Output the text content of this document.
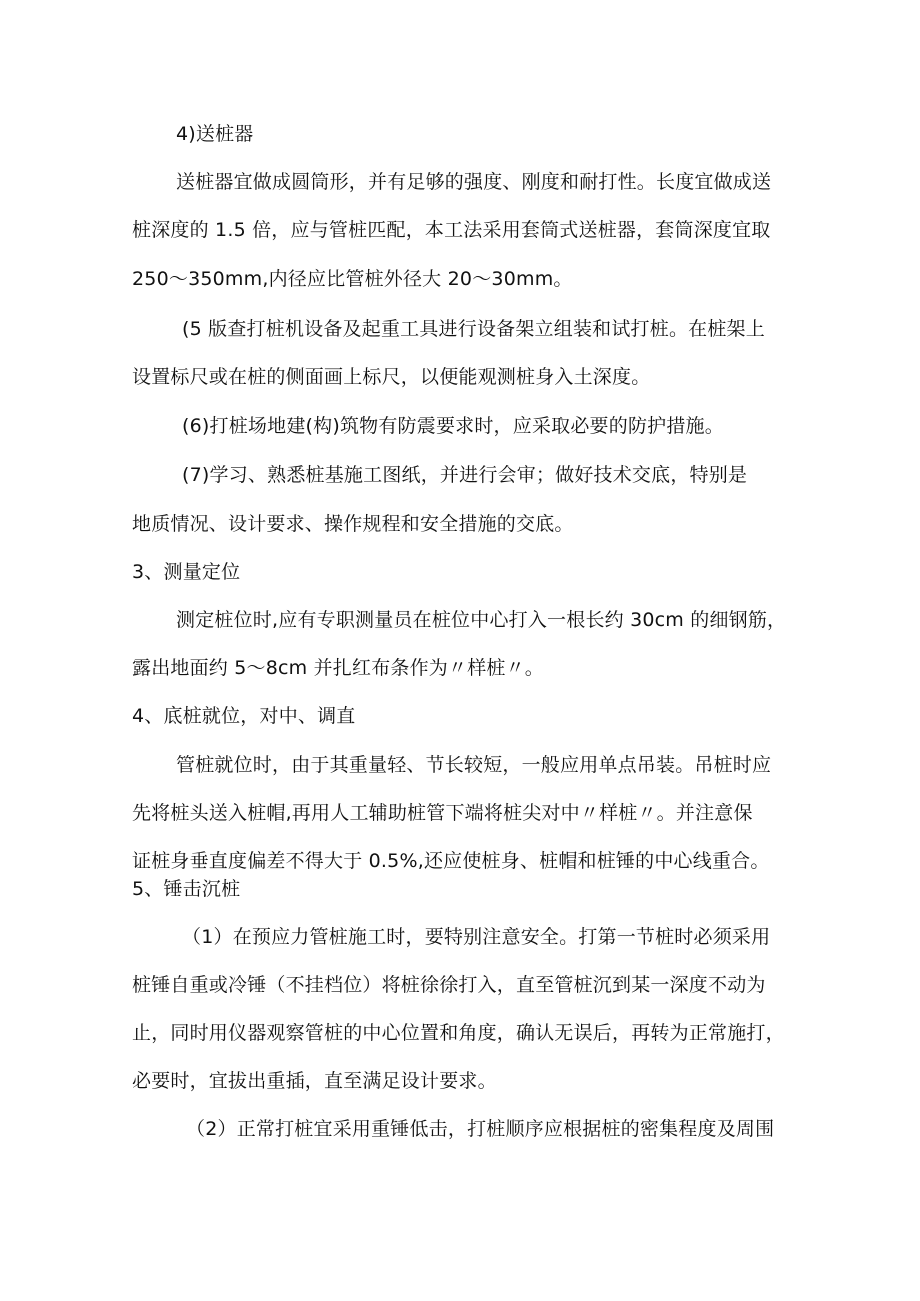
4)送桩器
送桩器宜做成圆筒形，并有足够的强度、刚度和耐打性。长度宜做成送
桩深度的 1.5 倍，应与管桩匹配，本工法采用套筒式送桩器，套筒深度宜取
250～350mm,内径应比管桩外径大 20～30mm。
(5 版查打桩机设备及起重工具进行设备架立组装和试打桩。在桩架上
设置标尺或在桩的侧面画上标尺，以便能观测桩身入土深度。
(6)打桩场地建(构)筑物有防震要求时，应采取必要的防护措施。
(7)学习、熟悉桩基施工图纸，并进行会审；做好技术交底，特别是
地质情况、设计要求、操作规程和安全措施的交底。
3、测量定位
测定桩位时,应有专职测量员在桩位中心打入一根长约 30cm 的细钢筋，
露出地面约 5～8cm 并扎红布条作为〃样桩〃。
4、底桩就位，对中、调直
管桩就位时，由于其重量轻、节长较短，一般应用单点吊装。吊桩时应
先将桩头送入桩帽,再用人工辅助桩管下端将桩尖对中〃样桩〃。并注意保
证桩身垂直度偏差不得大于 0.5%,还应使桩身、桩帽和桩锤的中心线重合。
5、锤击沉桩
（1）在预应力管桩施工时，要特别注意安全。打第一节桩时必须采用
桩锤自重或冷锤（不挂档位）将桩徐徐打入，直至管桩沉到某一深度不动为
止，同时用仪器观察管桩的中心位置和角度，确认无误后，再转为正常施打，
必要时，宜拔出重插，直至满足设计要求。
（2）正常打桩宜采用重锤低击，打桩顺序应根据桩的密集程度及周围
